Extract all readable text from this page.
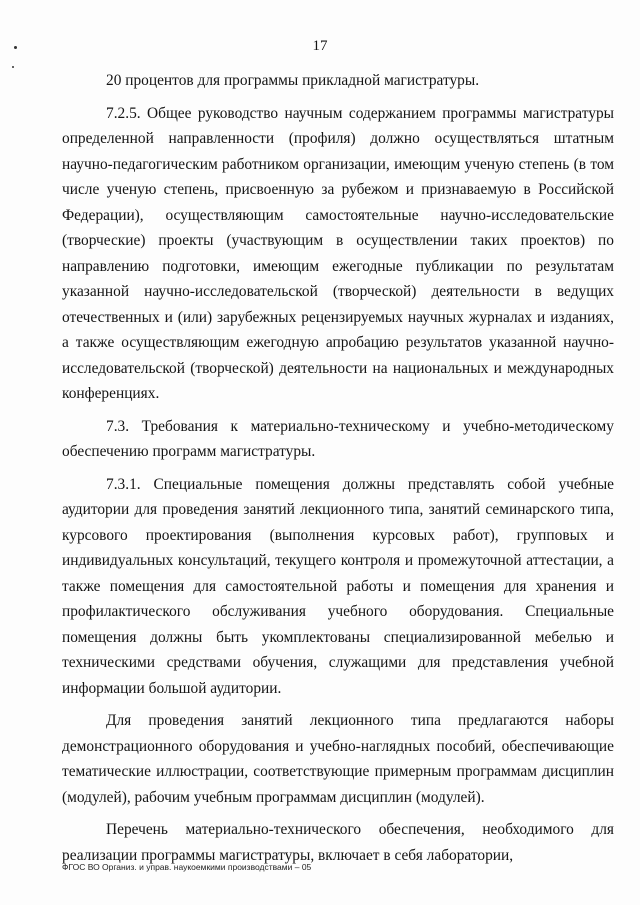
17

20 процентов для программы прикладной магистратуры.

7.2.5. Общее руководство научным содержанием программы магистратуры определенной направленности (профиля) должно осуществляться штатным научно-педагогическим работником организации, имеющим ученую степень (в том числе ученую степень, присвоенную за рубежом и признаваемую в Российской Федерации), осуществляющим самостоятельные научно-исследовательские (творческие) проекты (участвующим в осуществлении таких проектов) по направлению подготовки, имеющим ежегодные публикации по результатам указанной научно-исследовательской (творческой) деятельности в ведущих отечественных и (или) зарубежных рецензируемых научных журналах и изданиях, а также осуществляющим ежегодную апробацию результатов указанной научно-исследовательской (творческой) деятельности на национальных и международных конференциях.

7.3. Требования к материально-техническому и учебно-методическому обеспечению программ магистратуры.

7.3.1. Специальные помещения должны представлять собой учебные аудитории для проведения занятий лекционного типа, занятий семинарского типа, курсового проектирования (выполнения курсовых работ), групповых и индивидуальных консультаций, текущего контроля и промежуточной аттестации, а также помещения для самостоятельной работы и помещения для хранения и профилактического обслуживания учебного оборудования. Специальные помещения должны быть укомплектованы специализированной мебелью и техническими средствами обучения, служащими для представления учебной информации большой аудитории.

Для проведения занятий лекционного типа предлагаются наборы демонстрационного оборудования и учебно-наглядных пособий, обеспечивающие тематические иллюстрации, соответствующие примерным программам дисциплин (модулей), рабочим учебным программам дисциплин (модулей).

Перечень материально-технического обеспечения, необходимого для реализации программы магистратуры, включает в себя лаборатории,

ФГОС ВО Организ. и управ. наукоемкими производствами – 05
